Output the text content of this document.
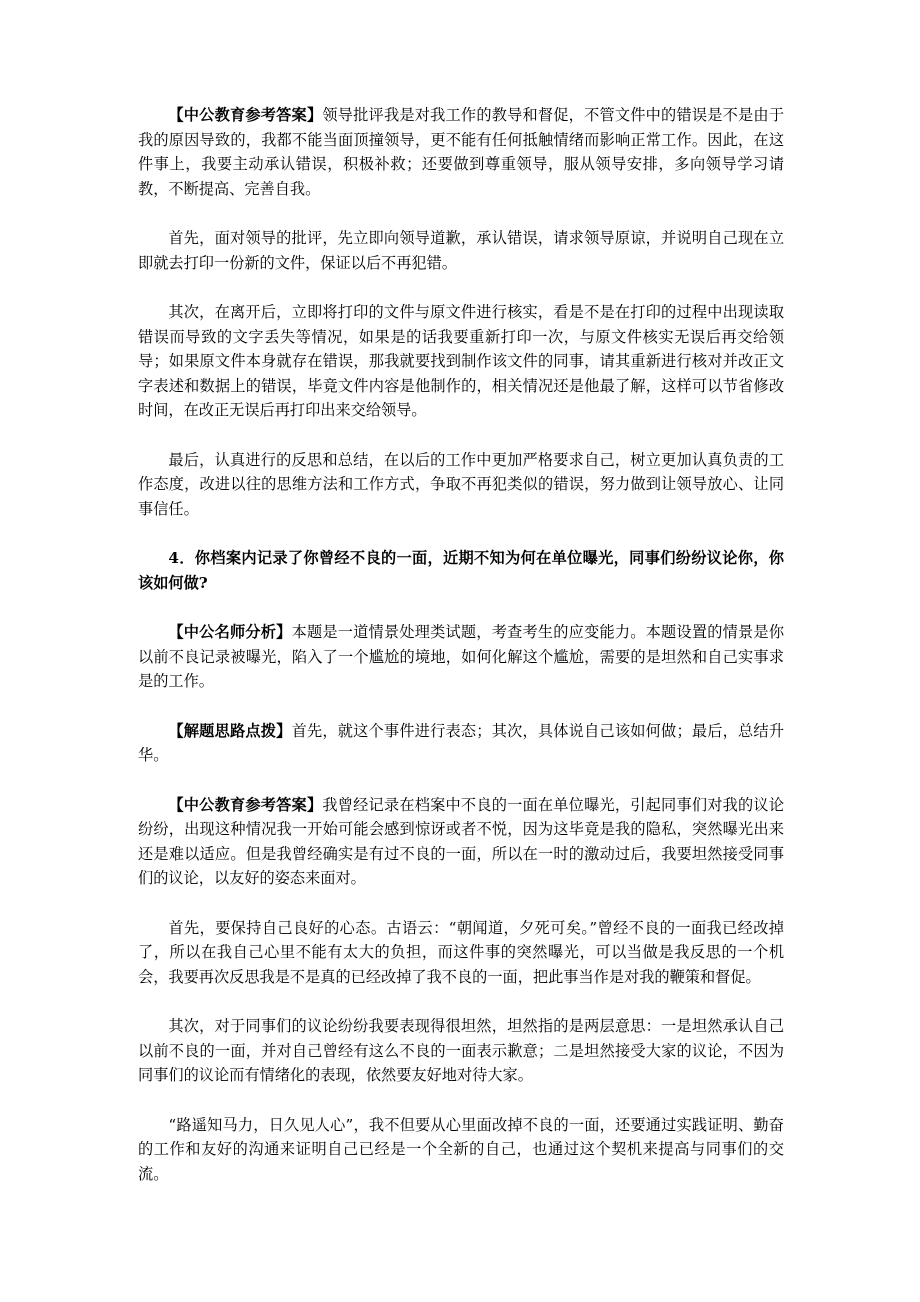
【中公教育参考答案】领导批评我是对我工作的教导和督促，不管文件中的错误是不是由于我的原因导致的，我都不能当面顶撞领导，更不能有任何抵触情绪而影响正常工作。因此，在这件事上，我要主动承认错误，积极补救；还要做到尊重领导，服从领导安排，多向领导学习请教，不断提高、完善自我。

首先，面对领导的批评，先立即向领导道歉，承认错误，请求领导原谅，并说明自己现在立即就去打印一份新的文件，保证以后不再犯错。

其次，在离开后，立即将打印的文件与原文件进行核实，看是不是在打印的过程中出现读取错误而导致的文字丢失等情况，如果是的话我要重新打印一次，与原文件核实无误后再交给领导；如果原文件本身就存在错误，那我就要找到制作该文件的同事，请其重新进行核对并改正文字表述和数据上的错误，毕竟文件内容是他制作的，相关情况还是他最了解，这样可以节省修改时间，在改正无误后再打印出来交给领导。

最后，认真进行的反思和总结，在以后的工作中更加严格要求自己，树立更加认真负责的工作态度，改进以往的思维方法和工作方式，争取不再犯类似的错误，努力做到让领导放心、让同事信任。

4．你档案内记录了你曾经不良的一面，近期不知为何在单位曝光，同事们纷纷议论你，你该如何做?

【中公名师分析】本题是一道情景处理类试题，考查考生的应变能力。本题设置的情景是你以前不良记录被曝光，陷入了一个尴尬的境地，如何化解这个尴尬，需要的是坦然和自己实事求是的工作。

【解题思路点拨】首先，就这个事件进行表态；其次，具体说自己该如何做；最后，总结升华。

【中公教育参考答案】我曾经记录在档案中不良的一面在单位曝光，引起同事们对我的议论纷纷，出现这种情况我一开始可能会感到惊讶或者不悦，因为这毕竟是我的隐私，突然曝光出来还是难以适应。但是我曾经确实是有过不良的一面，所以在一时的激动过后，我要坦然接受同事们的议论，以友好的姿态来面对。

首先，要保持自己良好的心态。古语云：“朝闻道，夕死可矣。”曾经不良的一面我已经改掉了，所以在我自己心里不能有太大的负担，而这件事的突然曝光，可以当做是我反思的一个机会，我要再次反思我是不是真的已经改掉了我不良的一面，把此事当作是对我的鞭策和督促。

其次，对于同事们的议论纷纷我要表现得很坦然，坦然指的是两层意思：一是坦然承认自己以前不良的一面，并对自己曾经有这么不良的一面表示歉意；二是坦然接受大家的议论，不因为同事们的议论而有情绪化的表现，依然要友好地对待大家。

“路遥知马力，日久见人心”，我不但要从心里面改掉不良的一面，还要通过实践证明、勤奋的工作和友好的沟通来证明自己已经是一个全新的自己，也通过这个契机来提高与同事们的交流。
